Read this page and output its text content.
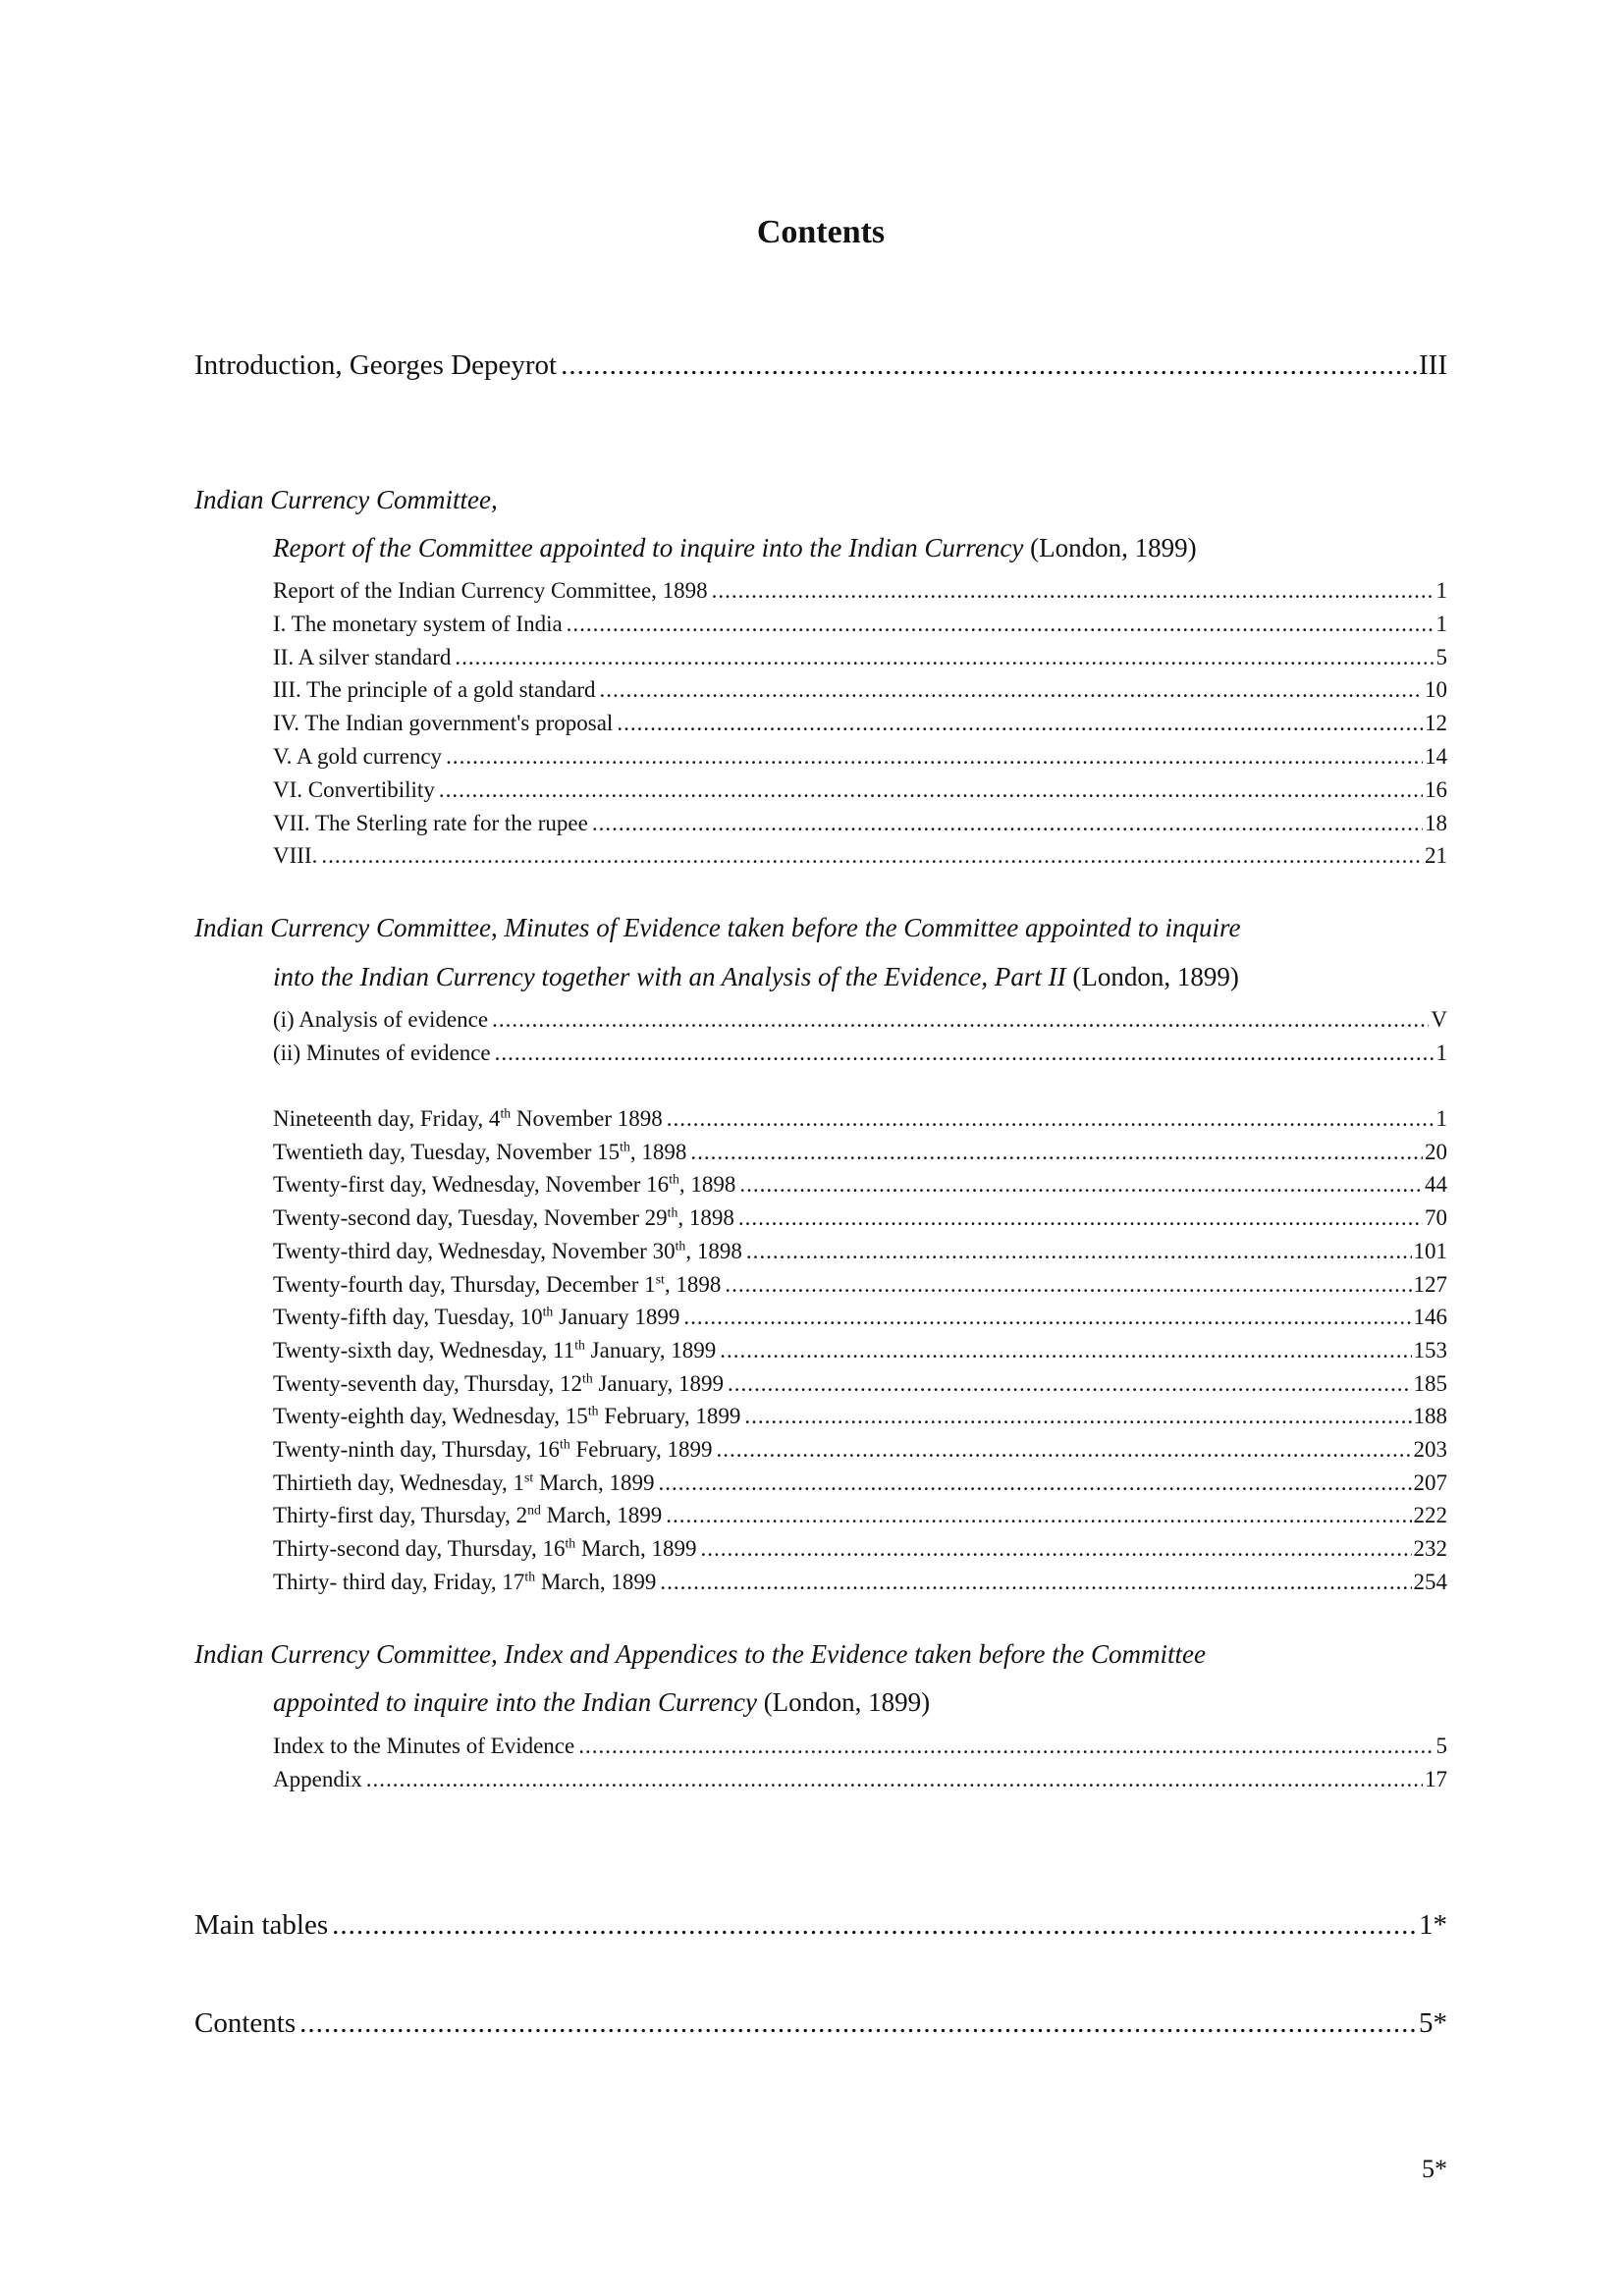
Contents
Introduction, Georges Depeyrot .....	III
Indian Currency Committee,
Report of the Committee appointed to inquire into the Indian Currency (London, 1899)
Report of the Indian Currency Committee, 1898 .....	1
I. The monetary system of India .....	1
II. A silver standard .....	5
III. The principle of a gold standard .....	10
IV. The Indian government's proposal .....	12
V. A gold currency .....	14
VI. Convertibility .....	16
VII. The Sterling rate for the rupee .....	18
VIII. .....	21
Indian Currency Committee, Minutes of Evidence taken before the Committee appointed to inquire
into the Indian Currency together with an Analysis of the Evidence, Part II (London, 1899)
(i) Analysis of evidence .....	V
(ii) Minutes of evidence .....	1
Nineteenth day, Friday, 4th November 1898 .....	1
Twentieth day, Tuesday, November 15th, 1898 .....	20
Twenty-first day, Wednesday, November 16th, 1898 .....	44
Twenty-second day, Tuesday, November 29th, 1898 .....	70
Twenty-third day, Wednesday, November 30th, 1898 .....	101
Twenty-fourth day, Thursday, December 1st, 1898 .....	127
Twenty-fifth day, Tuesday, 10th January 1899 .....	146
Twenty-sixth day, Wednesday, 11th January, 1899 .....	153
Twenty-seventh day, Thursday, 12th January, 1899 .....	185
Twenty-eighth day, Wednesday, 15th February, 1899 .....	188
Twenty-ninth day, Thursday, 16th February, 1899 .....	203
Thirtieth day, Wednesday, 1st March, 1899 .....	207
Thirty-first day, Thursday, 2nd March, 1899 .....	222
Thirty-second day, Thursday, 16th March, 1899 .....	232
Thirty- third day, Friday, 17th March, 1899 .....	254
Indian Currency Committee, Index and Appendices to the Evidence taken before the Committee
appointed to inquire into the Indian Currency (London, 1899)
Index to the Minutes of Evidence .....	5
Appendix .....	17
Main tables .....	1*
Contents .....	5*
5*
